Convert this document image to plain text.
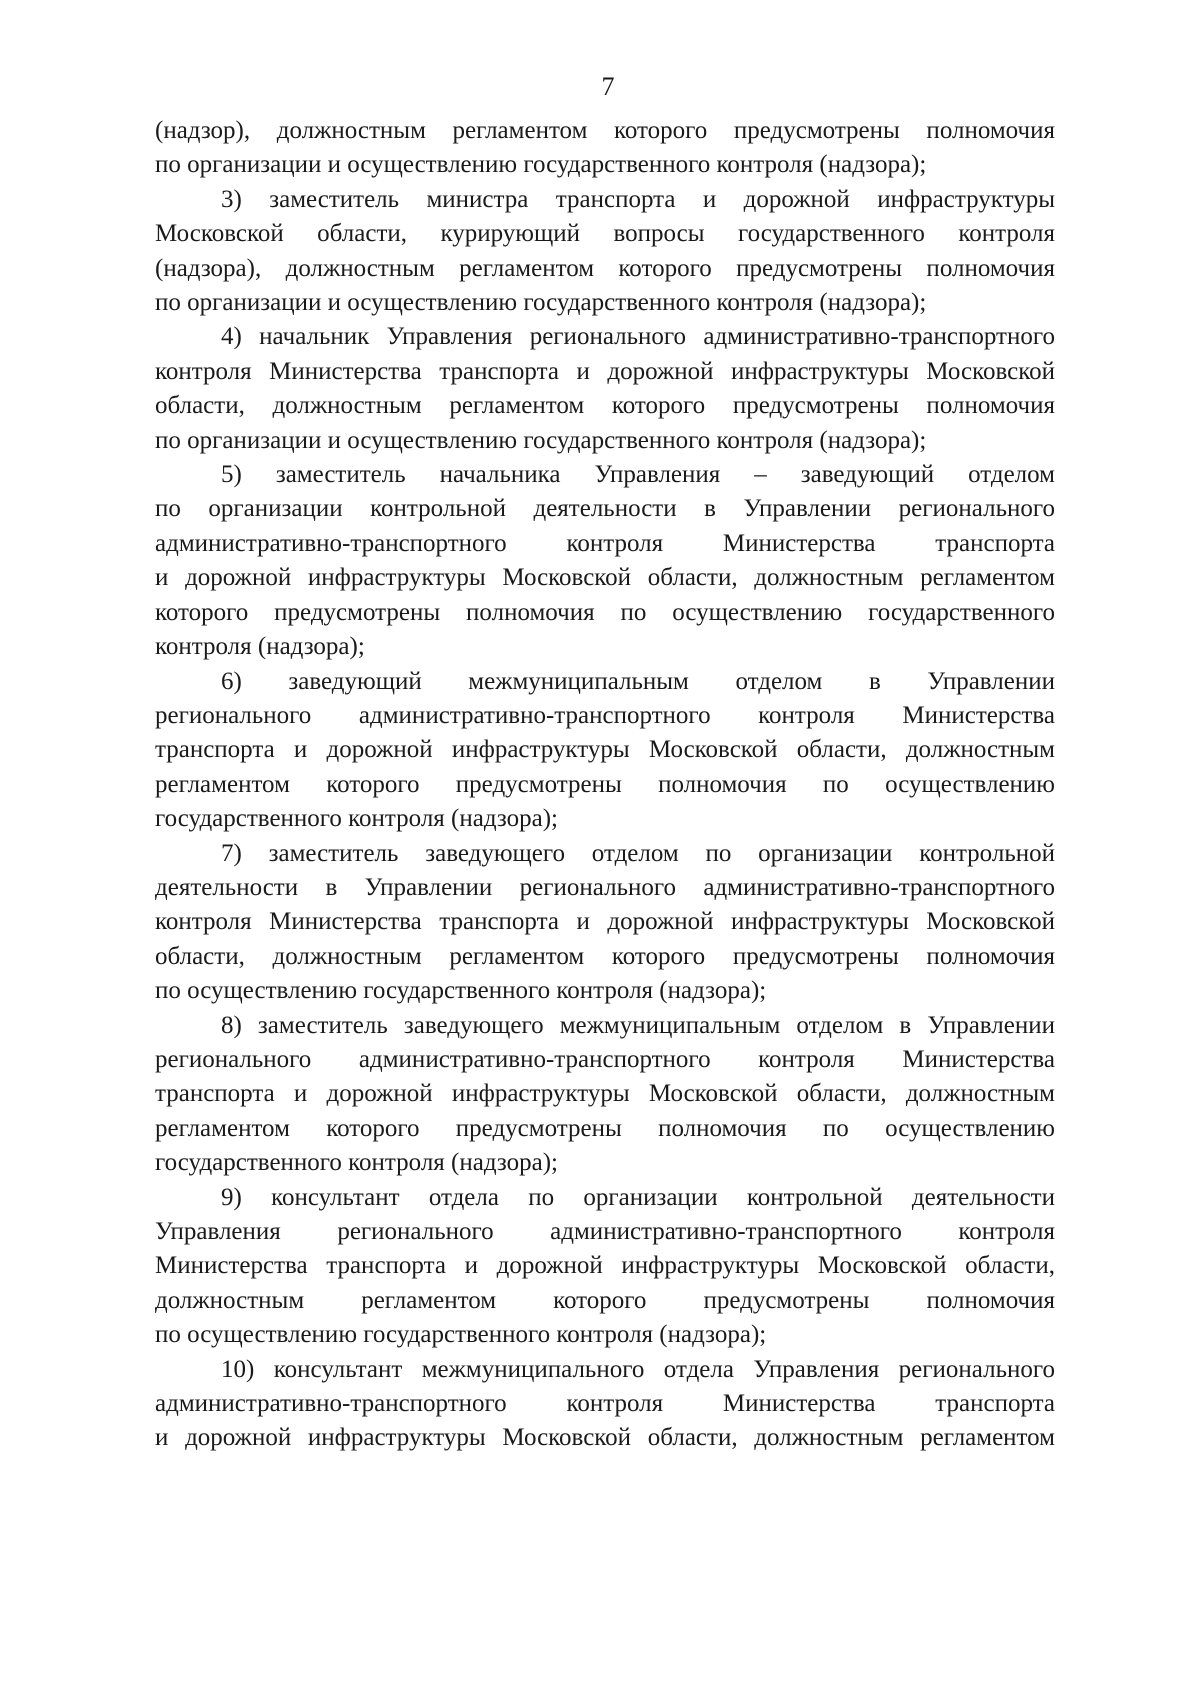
7
(надзор), должностным регламентом которого предусмотрены полномочия
по организации и осуществлению государственного контроля (надзора);
3) заместитель министра транспорта и дорожной инфраструктуры
Московской области, курирующий вопросы государственного контроля
(надзора), должностным регламентом которого предусмотрены полномочия
по организации и осуществлению государственного контроля (надзора);
4) начальник Управления регионального административно-транспортного
контроля Министерства транспорта и дорожной инфраструктуры Московской
области, должностным регламентом которого предусмотрены полномочия
по организации и осуществлению государственного контроля (надзора);
5) заместитель начальника Управления – заведующий отделом
по организации контрольной деятельности в Управлении регионального
административно-транспортного контроля Министерства транспорта
и дорожной инфраструктуры Московской области, должностным регламентом
которого предусмотрены полномочия по осуществлению государственного
контроля (надзора);
6) заведующий межмуниципальным отделом в Управлении
регионального административно-транспортного контроля Министерства
транспорта и дорожной инфраструктуры Московской области, должностным
регламентом которого предусмотрены полномочия по осуществлению
государственного контроля (надзора);
7) заместитель заведующего отделом по организации контрольной
деятельности в Управлении регионального административно-транспортного
контроля Министерства транспорта и дорожной инфраструктуры Московской
области, должностным регламентом которого предусмотрены полномочия
по осуществлению государственного контроля (надзора);
8) заместитель заведующего межмуниципальным отделом в Управлении
регионального административно-транспортного контроля Министерства
транспорта и дорожной инфраструктуры Московской области, должностным
регламентом которого предусмотрены полномочия по осуществлению
государственного контроля (надзора);
9) консультант отдела по организации контрольной деятельности
Управления регионального административно-транспортного контроля
Министерства транспорта и дорожной инфраструктуры Московской области,
должностным регламентом которого предусмотрены полномочия
по осуществлению государственного контроля (надзора);
10) консультант межмуниципального отдела Управления регионального
административно-транспортного контроля Министерства транспорта
и дорожной инфраструктуры Московской области, должностным регламентом
